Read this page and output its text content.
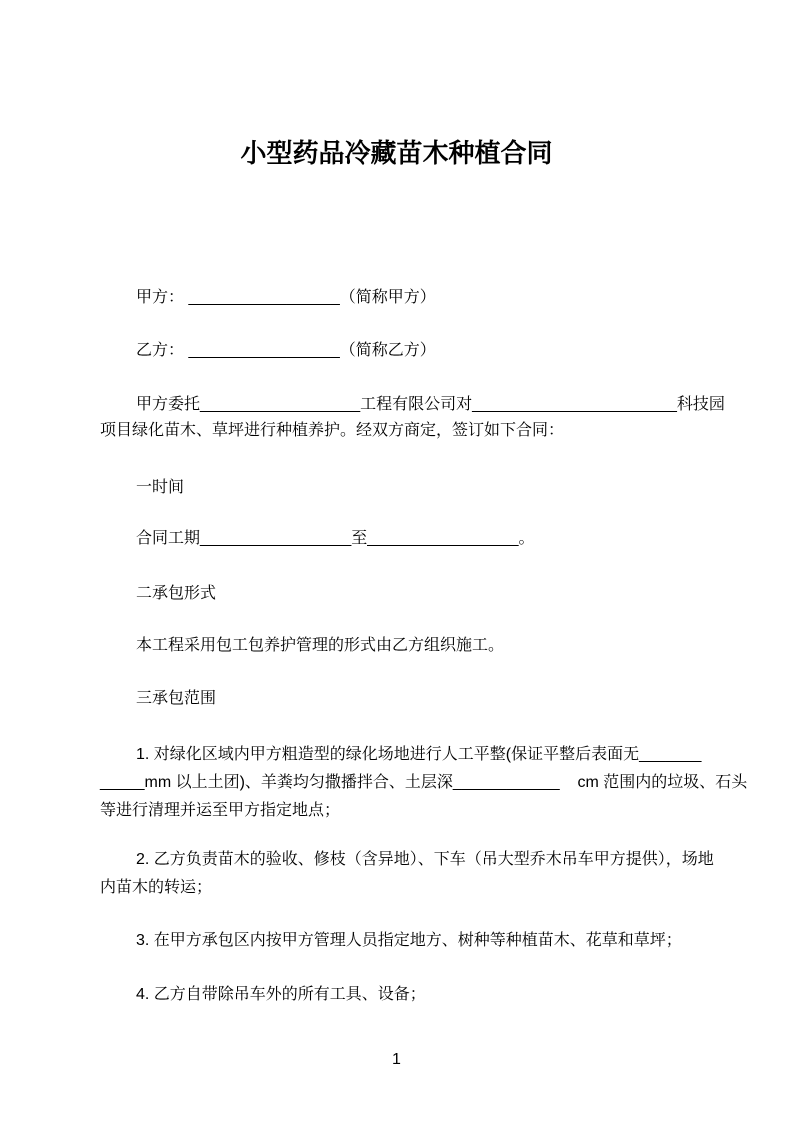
小型药品冷藏苗木种植合同
甲方： _________________（简称甲方）
乙方： _________________（简称乙方）
甲方委托__________________工程有限公司对_______________________科技园
项目绿化苗木、草坪进行种植养护。经双方商定，签订如下合同：
一时间
合同工期_________________至_________________。
二承包形式
本工程采用包工包养护管理的形式由乙方组织施工。
三承包范围
1. 对绿化区域内甲方粗造型的绿化场地进行人工平整(保证平整后表面无_______
_____mm 以上土团)、羊粪均匀撒播拌合、土层深____________    cm 范围内的垃圾、石头
等进行清理并运至甲方指定地点；
2. 乙方负责苗木的验收、修枝（含异地）、下车（吊大型乔木吊车甲方提供），场地
内苗木的转运；
3. 在甲方承包区内按甲方管理人员指定地方、树种等种植苗木、花草和草坪；
4. 乙方自带除吊车外的所有工具、设备；
1
